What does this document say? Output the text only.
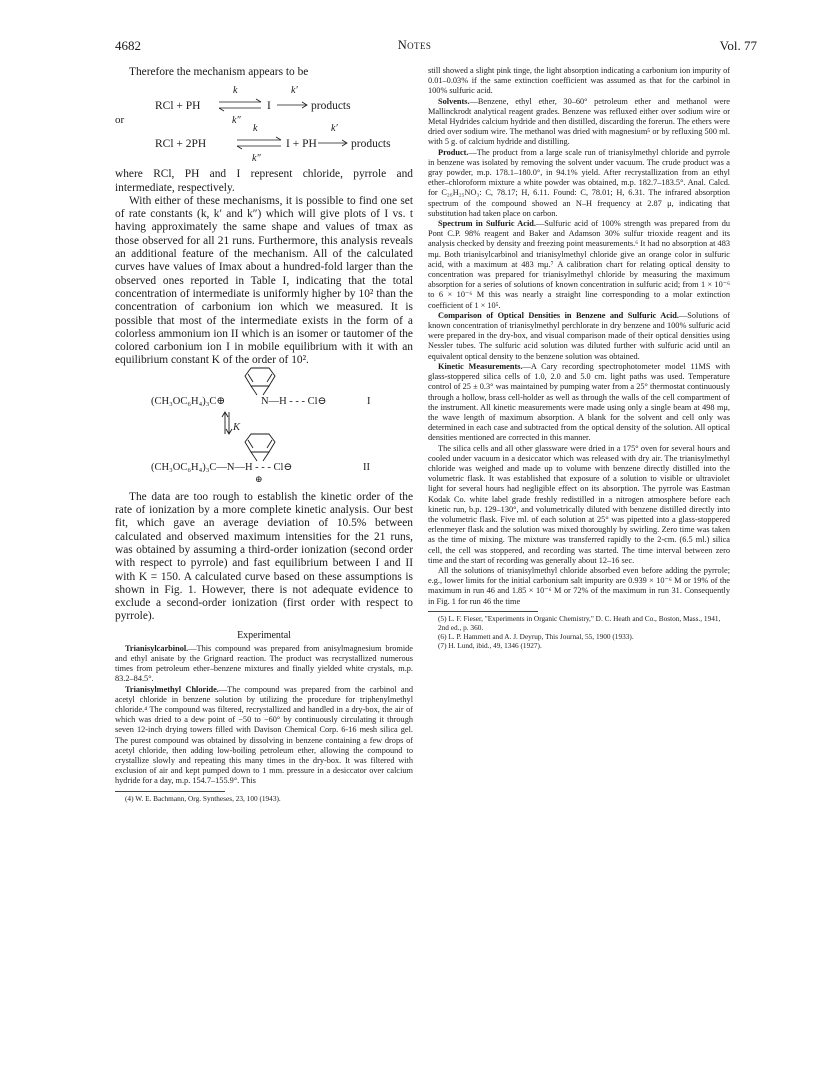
4682	Notes	Vol. 77

Therefore the mechanism appears to be

RCl + PH
k
k″
I
k′
products
RCl + 2PH
k
k″
I + PH
k′
products
or

where RCl, PH and I represent chloride, pyrrole and intermediate, respectively.

With either of these mechanisms, it is possible to find one set of rate constants (k, k′ and k″) which will give plots of I vs. t having approximately the same shape and values of tmax as those observed for all 21 runs. Furthermore, this analysis reveals an additional feature of the mechanism. All of the calculated curves have values of Imax about a hundred-fold larger than the observed ones reported in Table I, indicating that the total concentration of intermediate is uniformly higher by 10² than the concentration of carbonium ion which we measured. It is possible that most of the intermediate exists in the form of a colorless ammonium ion II which is an isomer or tautomer of the colored carbonium ion I in mobile equilibrium with it with an equilibrium constant K of the order of 10².

(CH₃OC₆H₄)₃C⊕	N—H - - - Cl⊖	I
K
(CH₃OC₆H₄)₃C—N—H - - - Cl⊖
⊕
II

The data are too rough to establish the kinetic order of the rate of ionization by a more complete kinetic analysis. Our best fit, which gave an average deviation of 10.5% between calculated and observed maximum intensities for the 21 runs, was obtained by assuming a third-order ionization (second order with respect to pyrrole) and fast equilibrium between I and II with K = 150. A calculated curve based on these assumptions is shown in Fig. 1. However, there is not adequate evidence to exclude a second-order ionization (first order with respect to pyrrole).

Experimental

Trianisylcarbinol.—This compound was prepared from anisylmagnesium bromide and ethyl anisate by the Grignard reaction. The product was recrystallized numerous times from petroleum ether–benzene mixtures and finally yielded white crystals, m.p. 83.2–84.5°.

Trianisylmethyl Chloride.—The compound was prepared from the carbinol and acetyl chloride in benzene solution by utilizing the procedure for triphenylmethyl chloride.⁴ The compound was filtered, recrystallized and handled in a dry-box, the air of which was dried to a dew point of −50 to −60° by continuously circulating it through seven 12-inch drying towers filled with Davison Chemical Corp. 6-16 mesh silica gel. The purest compound was obtained by dissolving in benzene containing a few drops of acetyl chloride, then adding low-boiling petroleum ether, allowing the compound to crystallize slowly and repeating this many times in the dry-box. It was filtered with exclusion of air and kept pumped down to 1 mm. pressure in a desiccator over calcium hydride for a day, m.p. 154.7–155.9°. This

(4) W. E. Bachmann, Org. Syntheses, 23, 100 (1943).

still showed a slight pink tinge, the light absorption indicating a carbonium ion impurity of 0.01–0.03% if the same extinction coefficient was assumed as that for the carbinol in 100% sulfuric acid.

Solvents.—Benzene, ethyl ether, 30–60° petroleum ether and methanol were Mallinckrodt analytical reagent grades. Benzene was refluxed either over sodium wire or Metal Hydrides calcium hydride and then distilled, discarding the forerun. The ethers were dried over sodium wire. The methanol was dried with magnesium⁵ or by refluxing 500 ml. with 5 g. of calcium hydride and distilling.

Product.—The product from a large scale run of trianisylmethyl chloride and pyrrole in benzene was isolated by removing the solvent under vacuum. The crude product was a gray powder, m.p. 178.1–180.0°, in 94.1% yield. After recrystallization from an ethyl ether–chloroform mixture a white powder was obtained, m.p. 182.7–183.5°. Anal. Calcd. for C₂₆H₂₅NO₃: C, 78.17; H, 6.11. Found: C, 78.01; H, 6.31. The infrared absorption spectrum of the compound showed an N–H frequency at 2.87 μ, indicating that substitution had taken place on carbon.

Spectrum in Sulfuric Acid.—Sulfuric acid of 100% strength was prepared from du Pont C.P. 98% reagent and Baker and Adamson 30% sulfur trioxide reagent and its analysis checked by density and freezing point measurements.⁶ It had no absorption at 483 mμ. Both trianisylcarbinol and trianisylmethyl chloride give an orange color in sulfuric acid, with a maximum at 483 mμ.⁷ A calibration chart for relating optical density to concentration was prepared for trianisylmethyl chloride by measuring the maximum absorption for a series of solutions of known concentration in sulfuric acid; from 1 × 10⁻⁶ to 6 × 10⁻⁶ M this was nearly a straight line corresponding to a molar extinction coefficient of 1 × 10⁵.

Comparison of Optical Densities in Benzene and Sulfuric Acid.—Solutions of known concentration of trianisylmethyl perchlorate in dry benzene and 100% sulfuric acid were prepared in the dry-box, and visual comparison made of their optical densities using Nessler tubes. The sulfuric acid solution was diluted further with sulfuric acid until an equivalent optical density to the benzene solution was obtained.

Kinetic Measurements.—A Cary recording spectrophotometer model 11MS with glass-stoppered silica cells of 1.0, 2.0 and 5.0 cm. light paths was used. Temperature control of 25 ± 0.3° was maintained by pumping water from a 25° thermostat continuously through a hollow, brass cell-holder as well as through the walls of the cell compartment of the instrument. All kinetic measurements were made using only a single beam at 498 mμ, the wave length of maximum absorption. A blank for the solvent and cell only was determined in each case and subtracted from the optical density of the solution. All optical densities mentioned are corrected in this manner.

The silica cells and all other glassware were dried in a 175° oven for several hours and cooled under vacuum in a desiccator which was released with dry air. The trianisylmethyl chloride was weighed and made up to volume with benzene directly distilled into the volumetric flask. It was established that exposure of a solution to visible or ultraviolet light for several hours had negligible effect on its absorption. The pyrrole was Eastman Kodak Co. white label grade freshly redistilled in a nitrogen atmosphere before each kinetic run, b.p. 129–130°, and volumetrically diluted with benzene distilled directly into the volumetric flask. Five ml. of each solution at 25° was pipetted into a glass-stoppered erlenmeyer flask and the solution was mixed thoroughly by swirling. Zero time was taken as the time of mixing. The mixture was transferred rapidly to the 2-cm. (6.5 ml.) silica cell, the cell was stoppered, and recording was started. The time interval between zero time and the start of recording was generally about 12–16 sec.

All the solutions of trianisylmethyl chloride absorbed even before adding the pyrrole; e.g., lower limits for the initial carbonium salt impurity are 0.939 × 10⁻⁶ M or 19% of the maximum in run 46 and 1.85 × 10⁻⁶ M or 72% of the maximum in run 31. Consequently in Fig. 1 for run 46 the time

(5) L. F. Fieser, "Experiments in Organic Chemistry," D. C. Heath and Co., Boston, Mass., 1941, 2nd ed., p. 360.

(6) L. P. Hammett and A. J. Deyrup, This Journal, 55, 1900 (1933).

(7) H. Lund, ibid., 49, 1346 (1927).
